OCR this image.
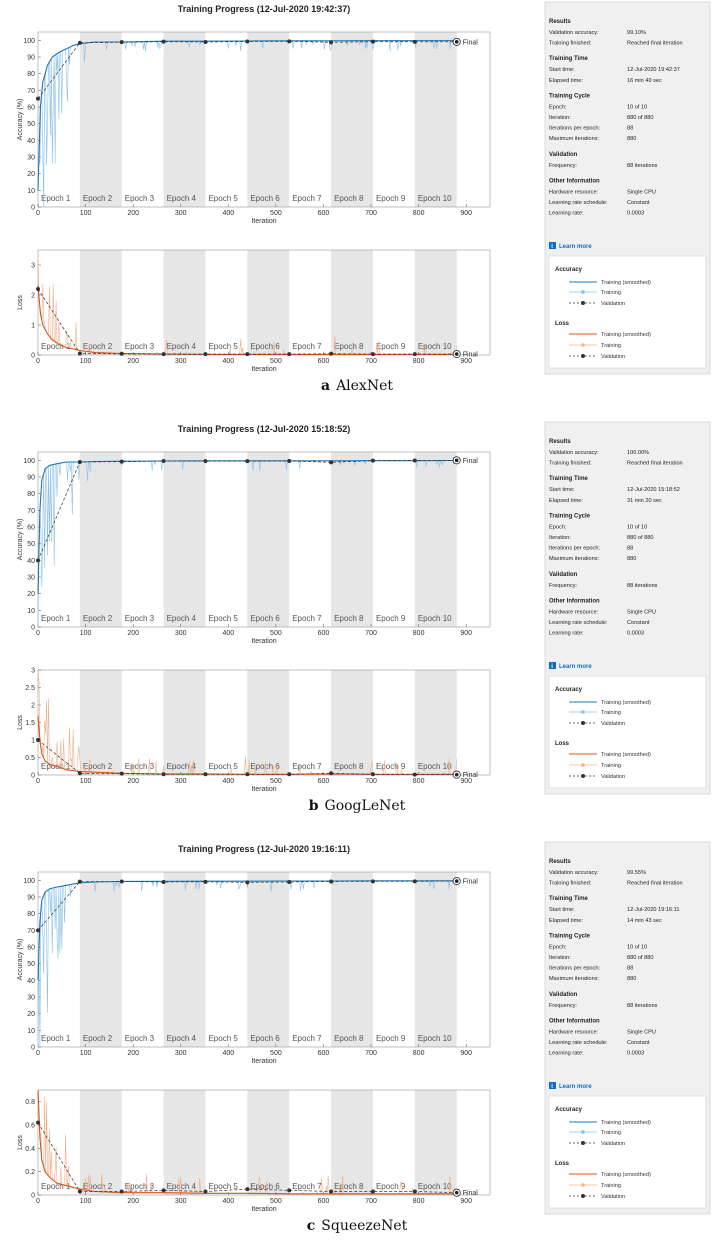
Training Progress (12-Jul-2020 19:42:37)
Epoch 1 Epoch 2 Epoch 3 Epoch 4 Epoch 5 Epoch 6 Epoch 7 Epoch 8 Epoch 9 Epoch 10
0
10
20
30
40
50
60
70
80
90
100
0	100	200	300	400	500	600	700	800	900
Iteration
Accuracy (%)
Final
Epoch 1 Epoch 2 Epoch 3 Epoch 4 Epoch 5 Epoch 6 Epoch 7 Epoch 8 Epoch 9 Epoch 10
0
1
2
3
0	100	200	300	400	500	600	700	800	900
Iteration
Loss
Final
Results
Validation accuracy:	99.10%
Training finished:	Reached final iteration
Training Time
Start time:	12-Jul-2020 19:42:37
Elapsed time:	16 min 40 sec
Training Cycle
Epoch:	10 of 10
Iteration:	880 of 880
Iterations per epoch:	88
Maximum iterations:	880
Validation
Frequency:	88 iterations
Other Information
Hardware resource:	Single CPU
Learning rate schedule:	Constant
Learning rate:	0.0003
i Learn more
Accuracy
Training (smoothed)
Training
Validation
Loss
Training (smoothed)
Training
Validation
a AlexNet
Training Progress (12-Jul-2020 15:18:52)
Epoch 1 Epoch 2 Epoch 3 Epoch 4 Epoch 5 Epoch 6 Epoch 7 Epoch 8 Epoch 9 Epoch 10
0
10
20
30
40
50
60
70
80
90
100
0	100	200	300	400	500	600	700	800	900
Iteration
Accuracy (%)
Final
Epoch 1 Epoch 2 Epoch 3 Epoch 4 Epoch 5 Epoch 6 Epoch 7 Epoch 8 Epoch 9 Epoch 10
0
0.5
1
1.5
2
2.5
3
0	100	200	300	400	500	600	700	800	900
Iteration
Loss
Final
Results
Validation accuracy:	100.00%
Training finished:	Reached final iteration
Training Time
Start time:	12-Jul-2020 15:18:52
Elapsed time:	31 min 20 sec
Training Cycle
Epoch:	10 of 10
Iteration:	880 of 880
Iterations per epoch:	88
Maximum iterations:	880
Validation
Frequency:	88 iterations
Other Information
Hardware resource:	Single CPU
Learning rate schedule:	Constant
Learning rate:	0.0003
i Learn more
Accuracy
Training (smoothed)
Training
Validation
Loss
Training (smoothed)
Training
Validation
b GoogLeNet
Training Progress (12-Jul-2020 19:16:11)
Epoch 1 Epoch 2 Epoch 3 Epoch 4 Epoch 5 Epoch 6 Epoch 7 Epoch 8 Epoch 9 Epoch 10
0
10
20
30
40
50
60
70
80
90
100
0	100	200	300	400	500	600	700	800	900
Iteration
Accuracy (%)
Final
Epoch 1 Epoch 2 Epoch 3 Epoch 4 Epoch 5 Epoch 6 Epoch 7 Epoch 8 Epoch 9 Epoch 10
0
0.2
0.4
0.6
0.8
0	100	200	300	400	500	600	700	800	900
Iteration
Loss
Final
Results
Validation accuracy:	99.55%
Training finished:	Reached final iteration
Training Time
Start time:	12-Jul-2020 19:16:11
Elapsed time:	14 min 43 sec
Training Cycle
Epoch:	10 of 10
Iteration:	880 of 880
Iterations per epoch:	88
Maximum iterations:	880
Validation
Frequency:	88 iterations
Other Information
Hardware resource:	Single CPU
Learning rate schedule:	Constant
Learning rate:	0.0003
i Learn more
Accuracy
Training (smoothed)
Training
Validation
Loss
Training (smoothed)
Training
Validation
c SqueezeNet
